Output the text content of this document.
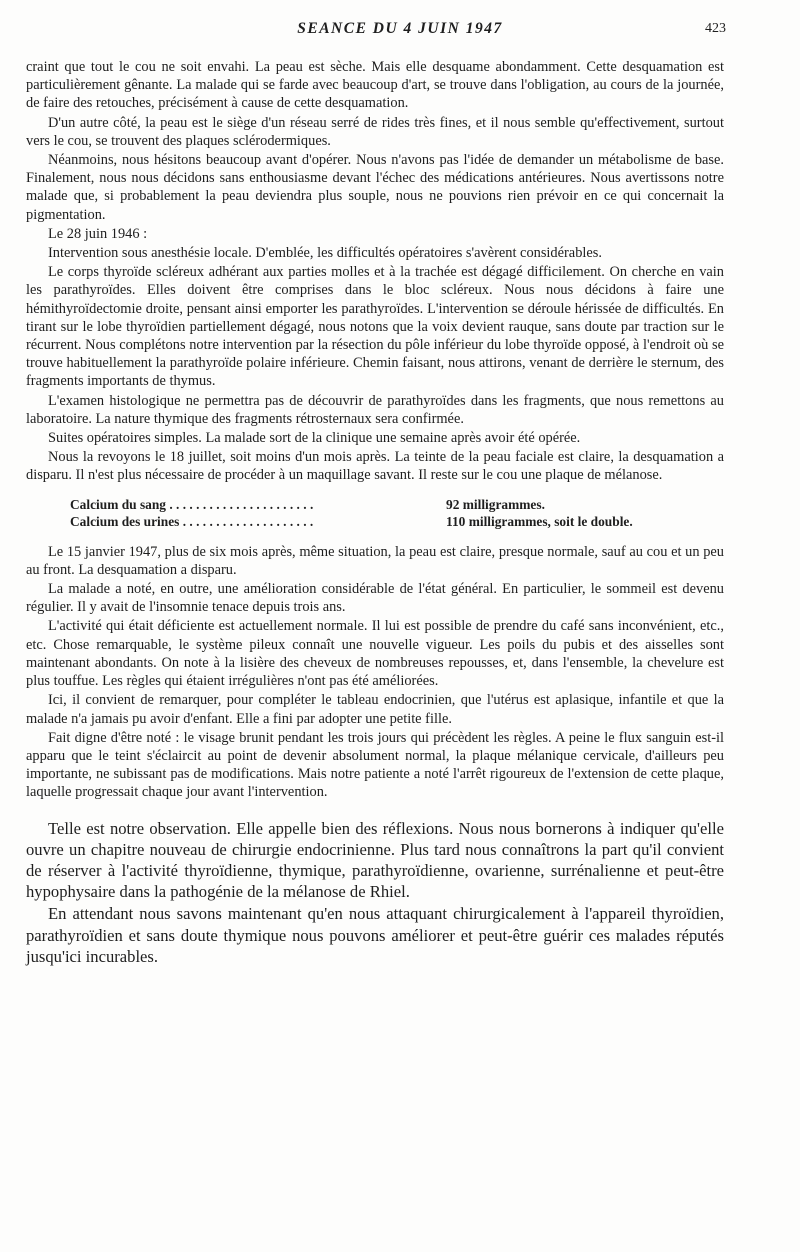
SEANCE DU 4 JUIN 1947	423

craint que tout le cou ne soit envahi. La peau est sèche. Mais elle desquame abondamment. Cette desquamation est particulièrement gênante. La malade qui se farde avec beaucoup d'art, se trouve dans l'obligation, au cours de la journée, de faire des retouches, précisément à cause de cette desquamation.

D'un autre côté, la peau est le siège d'un réseau serré de rides très fines, et il nous semble qu'effectivement, surtout vers le cou, se trouvent des plaques sclérodermiques.

Néanmoins, nous hésitons beaucoup avant d'opérer. Nous n'avons pas l'idée de demander un métabolisme de base. Finalement, nous nous décidons sans enthousiasme devant l'échec des médications antérieures. Nous avertissons notre malade que, si probablement la peau deviendra plus souple, nous ne pouvions rien prévoir en ce qui concernait la pigmentation.

Le 28 juin 1946 :

Intervention sous anesthésie locale. D'emblée, les difficultés opératoires s'avèrent considérables.

Le corps thyroïde scléreux adhérant aux parties molles et à la trachée est dégagé difficilement. On cherche en vain les parathyroïdes. Elles doivent être comprises dans le bloc scléreux. Nous nous décidons à faire une hémithyroïdectomie droite, pensant ainsi emporter les parathyroïdes. L'intervention se déroule hérissée de difficultés. En tirant sur le lobe thyroïdien partiellement dégagé, nous notons que la voix devient rauque, sans doute par traction sur le récurrent. Nous complétons notre intervention par la résection du pôle inférieur du lobe thyroïde opposé, à l'endroit où se trouve habituellement la parathyroïde polaire inférieure. Chemin faisant, nous attirons, venant de derrière le sternum, des fragments importants de thymus.

L'examen histologique ne permettra pas de découvrir de parathyroïdes dans les fragments, que nous remettons au laboratoire. La nature thymique des fragments rétrosternaux sera confirmée.

Suites opératoires simples. La malade sort de la clinique une semaine après avoir été opérée.

Nous la revoyons le 18 juillet, soit moins d'un mois après. La teinte de la peau faciale est claire, la desquamation a disparu. Il n'est plus nécessaire de procéder à un maquillage savant. Il reste sur le cou une plaque de mélanose.

Calcium du sang . . . . . . . . . . . . . . . . . . . . . .	92 milligrammes.
Calcium des urines . . . . . . . . . . . . . . . . . . . .	110 milligrammes, soit le double.

Le 15 janvier 1947, plus de six mois après, même situation, la peau est claire, presque normale, sauf au cou et un peu au front. La desquamation a disparu.

La malade a noté, en outre, une amélioration considérable de l'état général. En particulier, le sommeil est devenu régulier. Il y avait de l'insomnie tenace depuis trois ans.

L'activité qui était déficiente est actuellement normale. Il lui est possible de prendre du café sans inconvénient, etc., etc. Chose remarquable, le système pileux connaît une nouvelle vigueur. Les poils du pubis et des aisselles sont maintenant abondants. On note à la lisière des cheveux de nombreuses repousses, et, dans l'ensemble, la chevelure est plus touffue. Les règles qui étaient irrégulières n'ont pas été améliorées.

Ici, il convient de remarquer, pour compléter le tableau endocrinien, que l'utérus est aplasique, infantile et que la malade n'a jamais pu avoir d'enfant. Elle a fini par adopter une petite fille.

Fait digne d'être noté : le visage brunit pendant les trois jours qui précèdent les règles. A peine le flux sanguin est-il apparu que le teint s'éclaircit au point de devenir absolument normal, la plaque mélanique cervicale, d'ailleurs peu importante, ne subissant pas de modifications. Mais notre patiente a noté l'arrêt rigoureux de l'extension de cette plaque, laquelle progressait chaque jour avant l'intervention.

Telle est notre observation. Elle appelle bien des réflexions. Nous nous bornerons à indiquer qu'elle ouvre un chapitre nouveau de chirurgie endocrinienne. Plus tard nous connaîtrons la part qu'il convient de réserver à l'activité thyroïdienne, thymique, parathyroïdienne, ovarienne, surrénalienne et peut-être hypophysaire dans la pathogénie de la mélanose de Rhiel.

En attendant nous savons maintenant qu'en nous attaquant chirurgicalement à l'appareil thyroïdien, parathyroïdien et sans doute thymique nous pouvons améliorer et peut-être guérir ces malades réputés jusqu'ici incurables.
